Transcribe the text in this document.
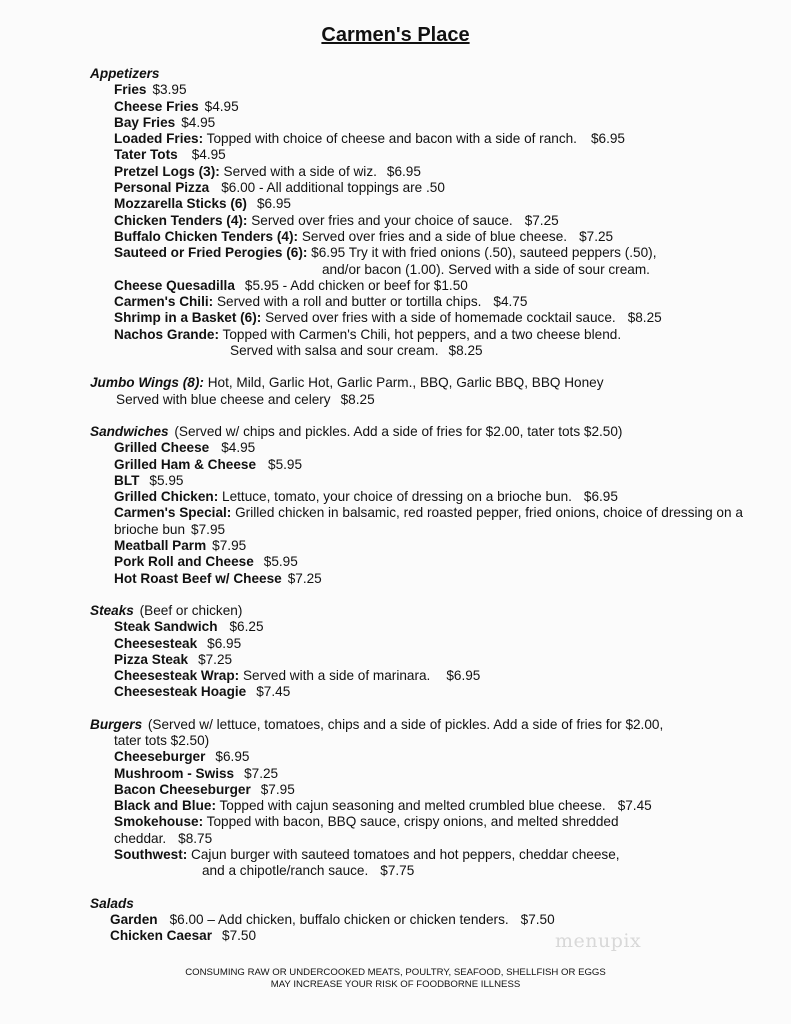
Carmen's Place
Appetizers
Fries $3.95
Cheese Fries $4.95
Bay Fries $4.95
Loaded Fries: Topped with choice of cheese and bacon with a side of ranch. $6.95
Tater Tots $4.95
Pretzel Logs (3): Served with a side of wiz. $6.95
Personal Pizza $6.00 - All additional toppings are .50
Mozzarella Sticks (6) $6.95
Chicken Tenders (4): Served over fries and your choice of sauce. $7.25
Buffalo Chicken Tenders (4): Served over fries and a side of blue cheese. $7.25
Sauteed or Fried Perogies (6): $6.95 Try it with fried onions (.50), sauteed peppers (.50),
and/or bacon (1.00). Served with a side of sour cream.
Cheese Quesadilla $5.95 - Add chicken or beef for $1.50
Carmen's Chili: Served with a roll and butter or tortilla chips. $4.75
Shrimp in a Basket (6): Served over fries with a side of homemade cocktail sauce. $8.25
Nachos Grande: Topped with Carmen's Chili, hot peppers, and a two cheese blend.
Served with salsa and sour cream. $8.25
Jumbo Wings (8): Hot, Mild, Garlic Hot, Garlic Parm., BBQ, Garlic BBQ, BBQ Honey
Served with blue cheese and celery $8.25
Sandwiches (Served w/ chips and pickles. Add a side of fries for $2.00, tater tots $2.50)
Grilled Cheese $4.95
Grilled Ham & Cheese $5.95
BLT $5.95
Grilled Chicken: Lettuce, tomato, your choice of dressing on a brioche bun. $6.95
Carmen's Special: Grilled chicken in balsamic, red roasted pepper, fried onions, choice of dressing on a brioche bun $7.95
Meatball Parm $7.95
Pork Roll and Cheese $5.95
Hot Roast Beef w/ Cheese $7.25
Steaks (Beef or chicken)
Steak Sandwich $6.25
Cheesesteak $6.95
Pizza Steak $7.25
Cheesesteak Wrap: Served with a side of marinara. $6.95
Cheesesteak Hoagie $7.45
Burgers (Served w/ lettuce, tomatoes, chips and a side of pickles. Add a side of fries for $2.00,
tater tots $2.50)
Cheeseburger $6.95
Mushroom - Swiss $7.25
Bacon Cheeseburger $7.95
Black and Blue: Topped with cajun seasoning and melted crumbled blue cheese. $7.45
Smokehouse: Topped with bacon, BBQ sauce, crispy onions, and melted shredded cheddar. $8.75
Southwest: Cajun burger with sauteed tomatoes and hot peppers, cheddar cheese,
and a chipotle/ranch sauce. $7.75
Salads
Garden $6.00 – Add chicken, buffalo chicken or chicken tenders. $7.50
Chicken Caesar $7.50	menupix
CONSUMING RAW OR UNDERCOOKED MEATS, POULTRY, SEAFOOD, SHELLFISH OR EGGS
MAY INCREASE YOUR RISK OF FOODBORNE ILLNESS
